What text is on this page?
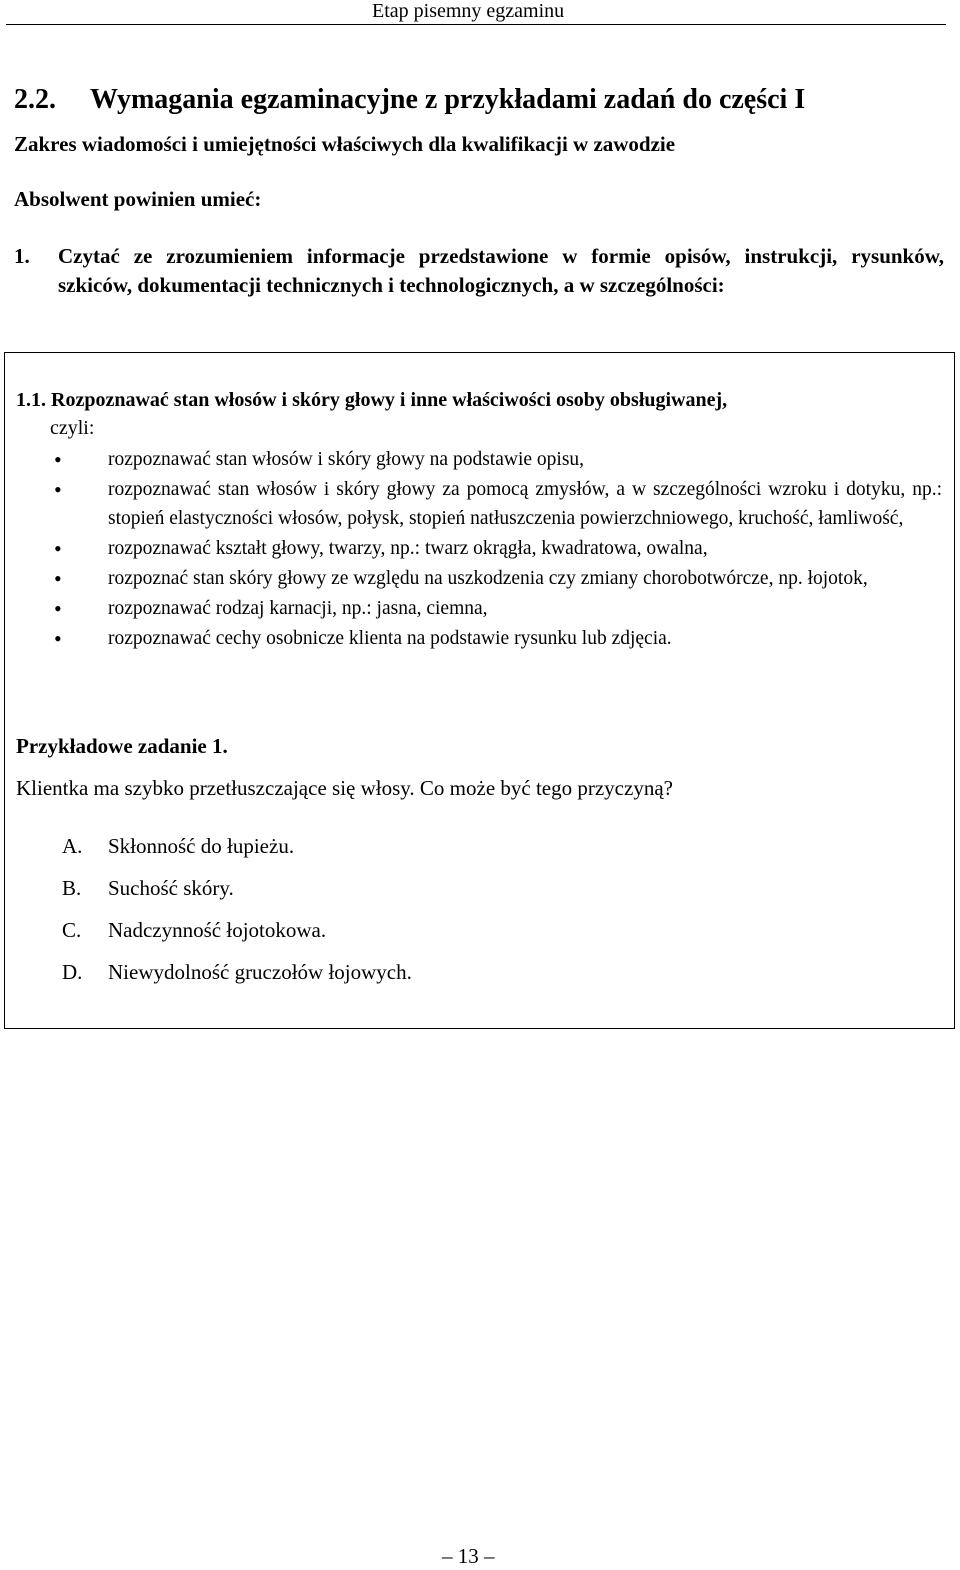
Etap pisemny egzaminu
2.2. Wymagania egzaminacyjne z przykładami zadań do części I
Zakres wiadomości i umiejętności właściwych dla kwalifikacji w zawodzie
Absolwent powinien umieć:
1. Czytać ze zrozumieniem informacje przedstawione w formie opisów, instrukcji, rysunków, szkiców, dokumentacji technicznych i technologicznych, a w szczególności:
1.1. Rozpoznawać stan włosów i skóry głowy i inne właściwości osoby obsługiwanej,
czyli:
• rozpoznawać stan włosów i skóry głowy na podstawie opisu,
• rozpoznawać stan włosów i skóry głowy za pomocą zmysłów, a w szczególności wzroku i dotyku, np.: stopień elastyczności włosów, połysk, stopień natłuszczenia powierzchniowego, kruchość, łamliwość,
• rozpoznawać kształt głowy, twarzy, np.: twarz okrągła, kwadratowa, owalna,
• rozpoznać stan skóry głowy ze względu na uszkodzenia czy zmiany chorobotwórcze, np. łojotok,
• rozpoznawać rodzaj karnacji, np.: jasna, ciemna,
• rozpoznawać cechy osobnicze klienta na podstawie rysunku lub zdjęcia.
Przykładowe zadanie 1.
Klientka ma szybko przetłuszczające się włosy. Co może być tego przyczyną?
A.	Skłonność do łupieżu.
B.	Suchość skóry.
C.	Nadczynność łojotokowa.
D.	Niewydolność gruczołów łojowych.
– 13 –
